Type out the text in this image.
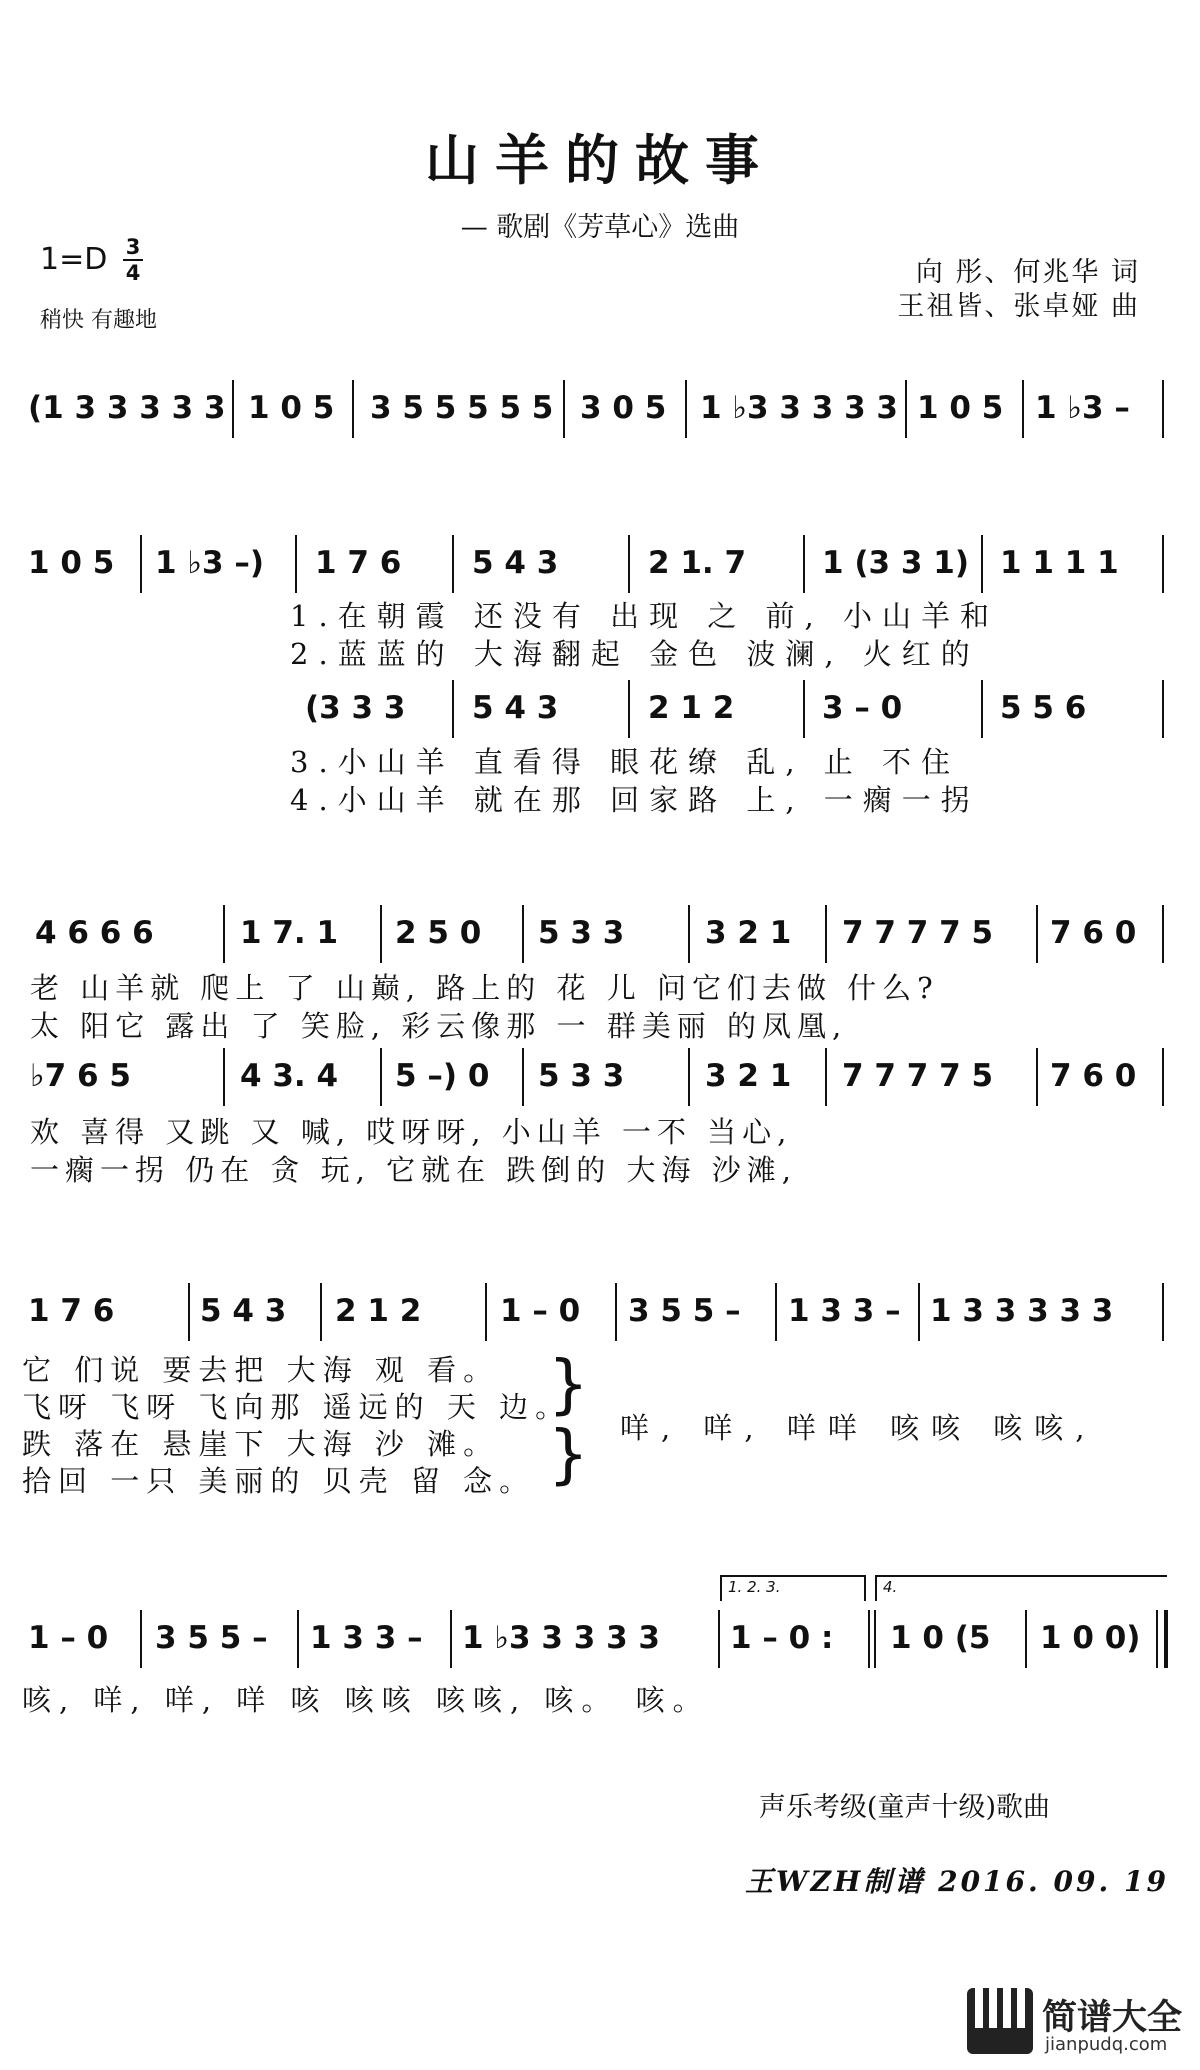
山羊的故事
— 歌剧《芳草心》选曲
1=D 3
4
稍快 有趣地
向 彤、何兆华 词
王祖皆、张卓娅 曲
(1 3 3 3 3 3 1 0 5 3 5 5 5 5 5 3 0 5 1 ♭3 3 3 3 3 1 0 5 1 ♭3 –
1 0 5 1 ♭3 –) 1 7 6 5 4 3	2 1. 7 1 (3 3 1) 1 1 1 1
1.在朝霞 还没有 出现 之 前, 小山羊和
2.蓝蓝的 大海翻起 金色 波澜, 火红的
(3 3 3 5 4 3	2 1 2	3 – 0	5 5 6
3.小山羊 直看得 眼花缭 乱, 止 不住
4.小山羊 就在那 回家路 上, 一瘸一拐
4 6 6 6	1 7. 1 2 5 0 5 3 3	3 2 1 7 7 7 7 5 7 6 0
老 山羊就 爬上 了 山巅, 路上的 花 儿 问它们去做 什么?
太 阳它 露出 了 笑脸, 彩云像那 一 群美丽 的凤凰,
♭7 6 5	4 3. 4 5 –) 0 5 3 3	3 2 1 7 7 7 7 5 7 6 0
欢 喜得 又跳 又 喊, 哎呀呀, 小山羊 一不 当心,
一瘸一拐 仍在 贪 玩, 它就在 跌倒的 大海 沙滩,
1 7 6	5 4 3 2 1 2	1 – 0 3 5 5 – 1 3 3 – 1 3 3 3 3 3
它 们说 要去把 大海 观 看。
飞呀 飞呀 飞向那 遥远的 天 边。
跌 落在 悬崖下 大海 沙 滩。
拾回 一只 美丽的 贝壳 留 念。
}
} 咩, 咩, 咩咩 咳咳 咳咳,
1. 2. 3.	4.
1 – 0 3 5 5 – 1 3 3 – 1 ♭3 3 3 3 3 1 – 0 : 1 0 (5 1 0 0)
咳, 咩, 咩, 咩 咳 咳咳 咳咳, 咳。 咳。
声乐考级(童声十级)歌曲
王WZH制谱 2016. 09. 19
简谱大全
jianpudq.com
